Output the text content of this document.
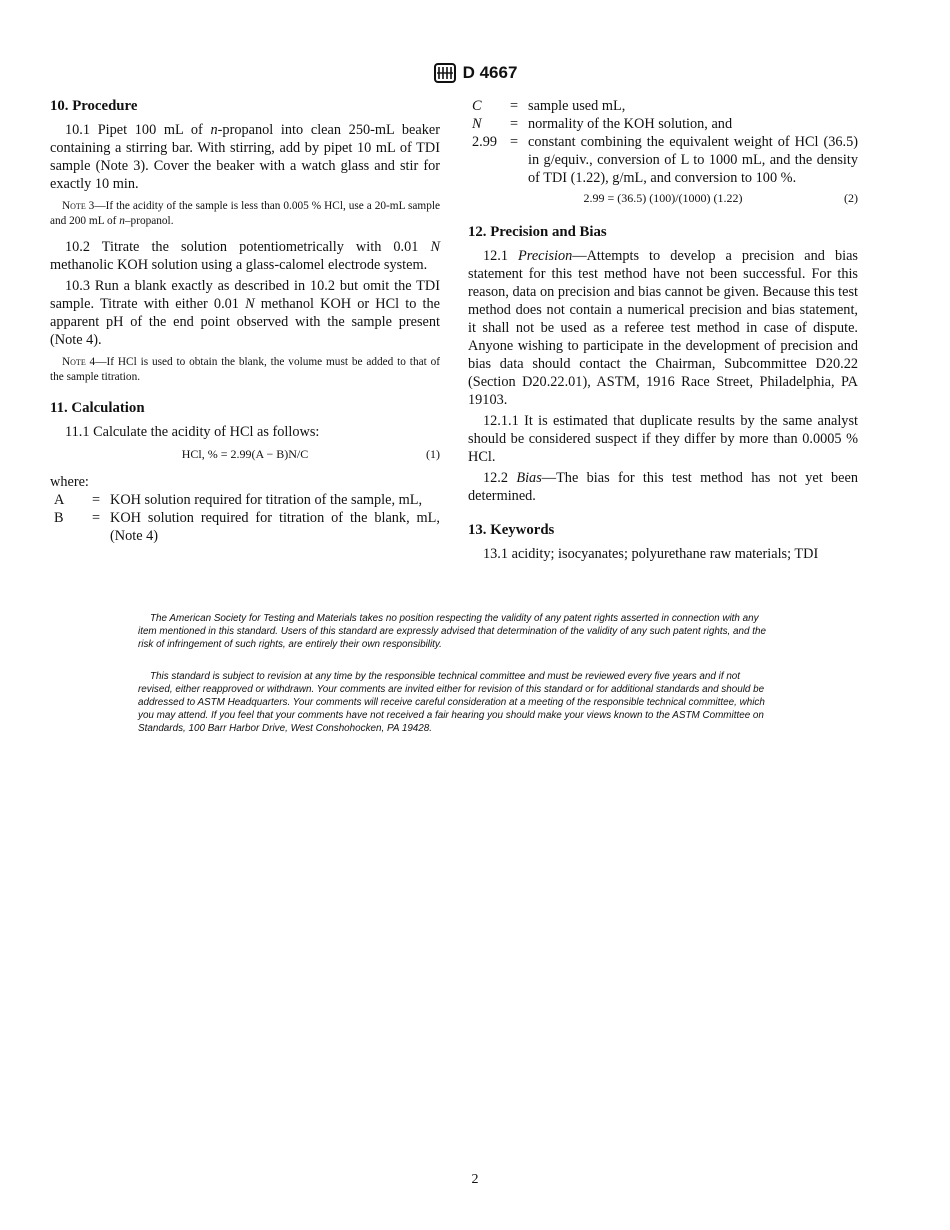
D 4667
10. Procedure

10.1 Pipet 100 mL of n-propanol into clean 250-mL beaker containing a stirring bar. With stirring, add by pipet 10 mL of TDI sample (Note 3). Cover the beaker with a watch glass and stir for exactly 10 min.

Note 3—If the acidity of the sample is less than 0.005 % HCl, use a 20-mL sample and 200 mL of n–propanol.

10.2 Titrate the solution potentiometrically with 0.01 N methanolic KOH solution using a glass-calomel electrode system.

10.3 Run a blank exactly as described in 10.2 but omit the TDI sample. Titrate with either 0.01 N methanol KOH or HCl to the apparent pH of the end point observed with the sample present (Note 4).

Note 4—If HCl is used to obtain the blank, the volume must be added to that of the sample titration.
11. Calculation

11.1 Calculate the acidity of HCl as follows:

HCl, % = 2.99(A − B)N/C	(1)
where:
A	= KOH solution required for titration of the sample, mL,
B	= KOH solution required for titration of the blank, mL, (Note 4)
C	= sample used mL,
N	= normality of the KOH solution, and
2.99 = constant combining the equivalent weight of HCl (36.5) in g/equiv., conversion of L to 1000 mL, and the density of TDI (1.22), g/mL, and conversion to 100 %.
2.99 = (36.5) (100)/(1000) (1.22)	(2)
12. Precision and Bias

12.1 Precision—Attempts to develop a precision and bias statement for this test method have not been successful. For this reason, data on precision and bias cannot be given. Because this test method does not contain a numerical precision and bias statement, it shall not be used as a referee test method in case of dispute. Anyone wishing to participate in the development of precision and bias data should contact the Chairman, Subcommittee D20.22 (Section D20.22.01), ASTM, 1916 Race Street, Philadelphia, PA 19103.

12.1.1 It is estimated that duplicate results by the same analyst should be considered suspect if they differ by more than 0.0005 % HCl.

12.2 Bias—The bias for this test method has not yet been determined.

13. Keywords

13.1 acidity; isocyanates; polyurethane raw materials; TDI

The American Society for Testing and Materials takes no position respecting the validity of any patent rights asserted in connection with any item mentioned in this standard. Users of this standard are expressly advised that determination of the validity of any such patent rights, and the risk of infringement of such rights, are entirely their own responsibility.

This standard is subject to revision at any time by the responsible technical committee and must be reviewed every five years and if not revised, either reapproved or withdrawn. Your comments are invited either for revision of this standard or for additional standards and should be addressed to ASTM Headquarters. Your comments will receive careful consideration at a meeting of the responsible technical committee, which you may attend. If you feel that your comments have not received a fair hearing you should make your views known to the ASTM Committee on Standards, 100 Barr Harbor Drive, West Conshohocken, PA 19428.

2
